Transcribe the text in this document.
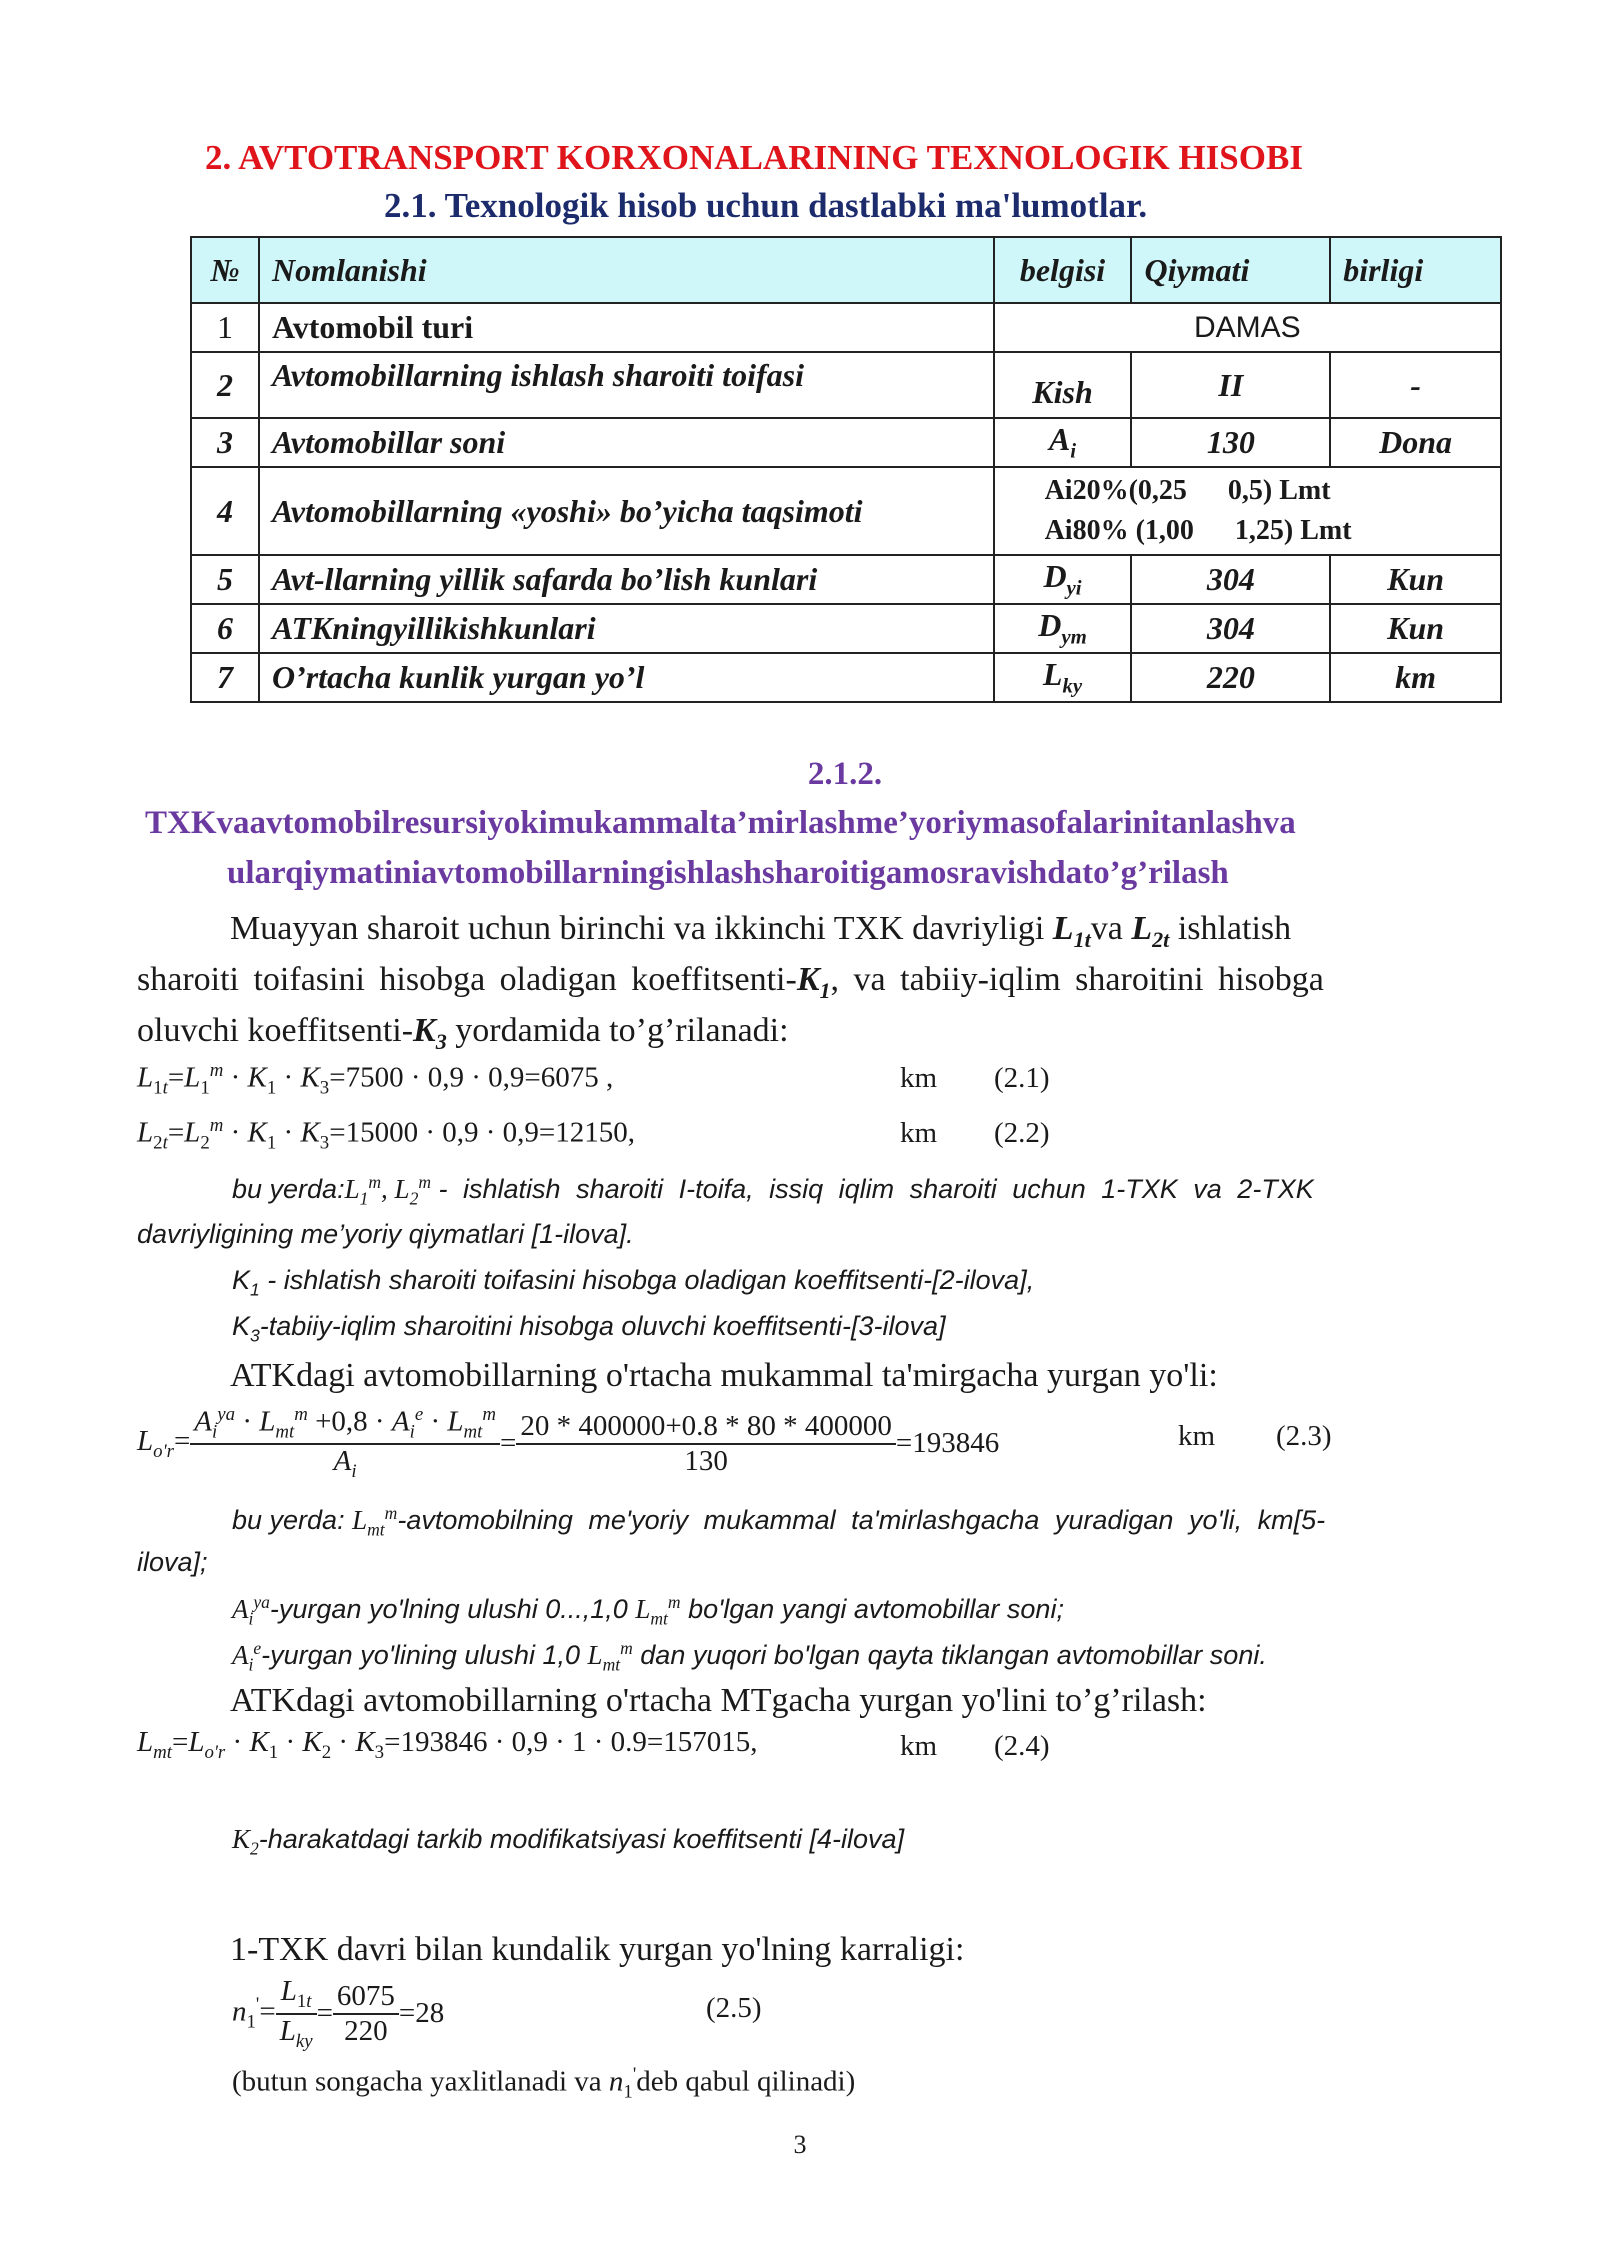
2. AVTOTRANSPORT KORXONALARINING TEXNOLOGIK HISOBI
2.1. Texnologik hisob uchun dastlabki ma'lumotlar.
№	Nomlanishi	belgisi	Qiymati	birligi
1	Avtomobil turi	DAMAS		
2	Avtomobillarning ishlash sharoiti toifasi	Kish	II	-
3	Avtomobillar soni	$A_i$	130	Dona
4	Avtomobillarning «yoshi» bo’yicha taqsimoti	Ai20%(0,25 0,5) Lmt
Ai80% (1,00 1,25) Lmt		

5	Avt-llarning yillik safarda bo’lish kunlari	$D_{yi}$	304	Kun
6	ATKningyillikishkunlari	$D_{ym}$	304	Kun
7	O’rtacha kunlik yurgan yo’l	$L_{ky}$	220	km
2.1.2.
TXKvaavtomobilresursiyokimukammalta’mirlashme’yoriymasofalarinitanlashva
ularqiymatiniavtomobillarningishlashsharoitigamosravishdato’g’rilash
Muayyan sharoit uchun birinchi va ikkinchi TXK davriyligi $L_{1t}va$ $L_{2t}$ ishlatish
sharoiti toifasini hisobga oladigan koeffitsenti-$K_1$, va tabiiy-iqlim sharoitini hisobga
oluvchi koeffitsenti-$K_3$ yordamida to’g’rilanadi:
$L_{1t}=L_1^m \cdot K_1 \cdot K_3=7500 \cdot 0,9 \cdot 0,9=6075$ ,	km (2.1)
$L_{2t}=L_2^m \cdot K_1 \cdot K_3=15000 \cdot 0,9 \cdot 0,9=12150$,	km (2.2)
bu $yerda:L_1^m$, $L_2^m$ - ishlatish sharoiti I-toifa, issiq iqlim sharoiti uchun 1-TXK va 2-TXK
davriyligining me’yoriy qiymatlari [1-ilova].
$K_1$ - ishlatish sharoiti toifasini hisobga oladigan koeffitsenti-[2-ilova],
$K_3-tabiiy$-iqlim sharoitini hisobga oluvchi koeffitsenti-[3-ilova]
ATKdagi avtomobillarning o'rtacha mukammal ta'mirgacha yurgan yo'li:
$L_{o'r}= \frac{A_i^{ya} \cdot L_{mt}^m +0,8 \cdot A_i^e \cdot L_{mt}^m}{A_i} = \frac{20 * 400000+0.8 * 80 * 400000}{130} =193846$	km (2.3)
bu yerda: $L_{mt}^m$-avtomobilning me'yoriy mukammal ta'mirlashgacha yuradigan yo'li, km[5-
ilova];
$A_i^{ya}$-yurgan yo'lning ulushi 0...,1,0 $L_{mt}^m$ bo'lgan yangi avtomobillar soni;
$A_i^e$-yurgan yo'lining ulushi 1,0 $L_{mt}^m$ dan yuqori bo'lgan qayta tiklangan avtomobillar soni.
ATKdagi avtomobillarning o'rtacha MTgacha yurgan yo'lini to’g’rilash:
$L_{mt}=L_{o'r} \cdot K_1 \cdot K_2 \cdot K_3=193846 \cdot 0,9 \cdot 1 \cdot 0.9=157015$,	km (2.4)
$K_2$-harakatdagi tarkib modifikatsiyasi koeffitsenti [4-ilova]
1-TXK davri bilan kundalik yurgan yo'lning karraligi:
$n_1'= \frac{L_{1t}}{L_{ky}} = \frac{6075}{220} =28$	(2.5)
(butun songacha yaxlitlanadi va $n_1'deb$ qabul qilinadi)
3
